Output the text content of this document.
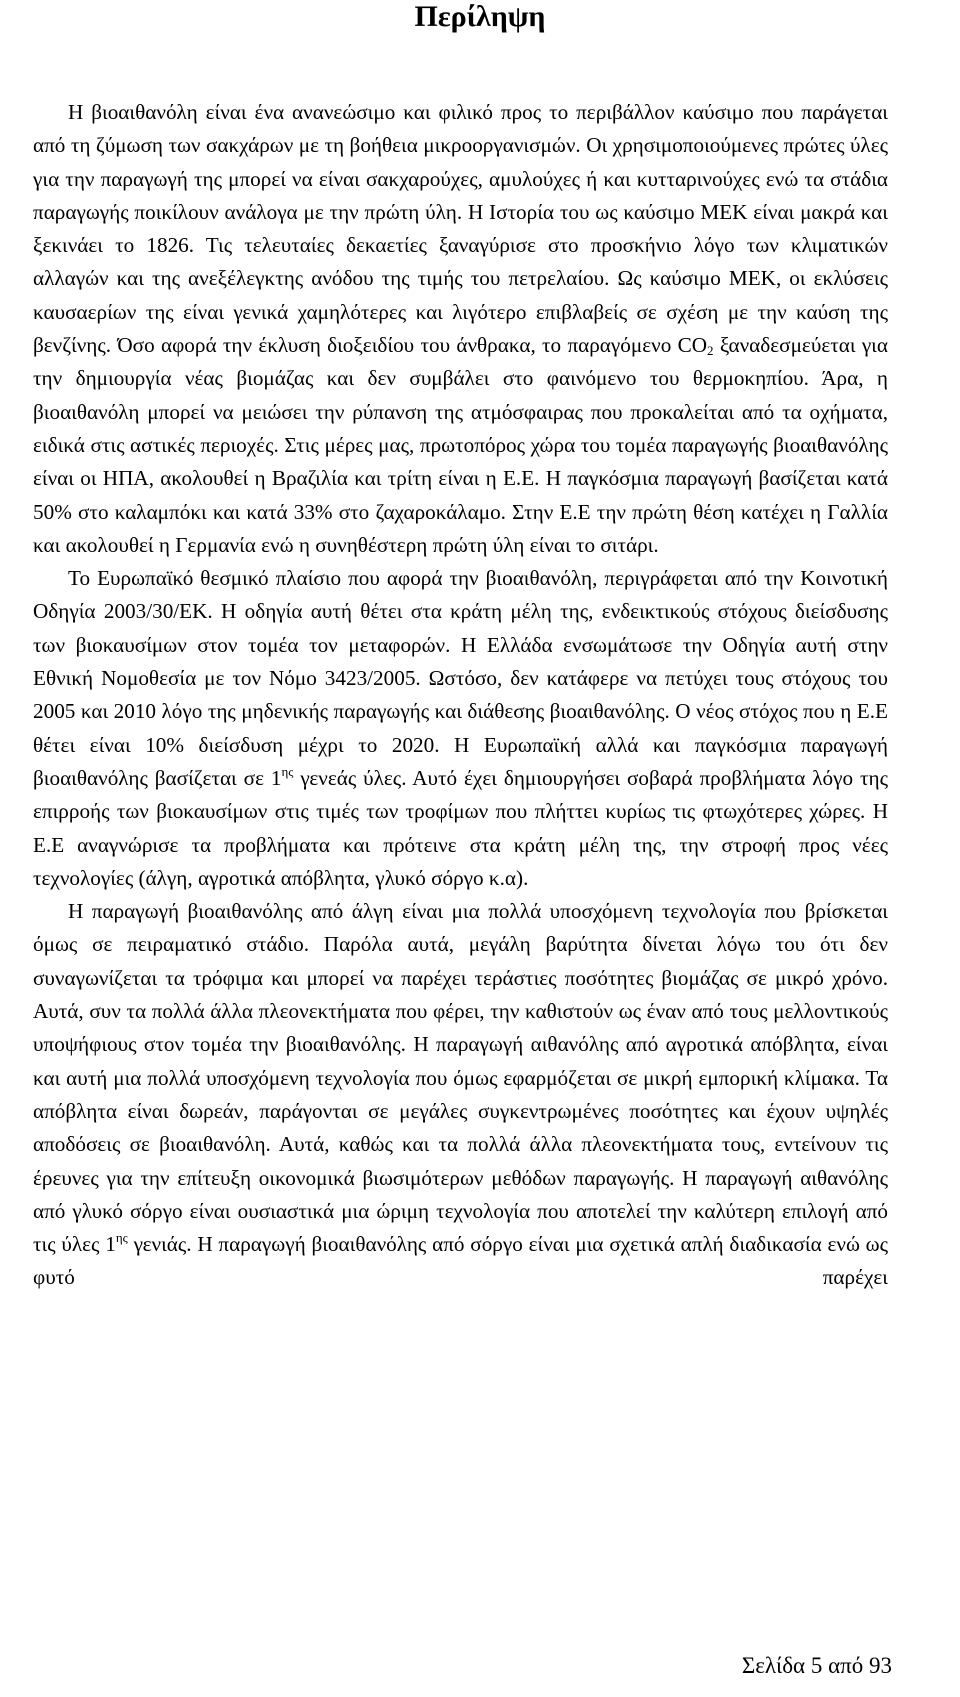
Περίληψη

Η βιοαιθανόλη είναι ένα ανανεώσιμο και φιλικό προς το περιβάλλον καύσιμο που παράγεται από τη ζύμωση των σακχάρων με τη βοήθεια μικροοργανισμών. Οι χρησιμοποιούμενες πρώτες ύλες για την παραγωγή της μπορεί να είναι σακχαρούχες, αμυλούχες ή και κυτταρινούχες ενώ τα στάδια παραγωγής ποικίλουν ανάλογα με την πρώτη ύλη. Η Ιστορία του ως καύσιμο ΜΕΚ είναι μακρά και ξεκινάει το 1826. Τις τελευταίες δεκαετίες ξαναγύρισε στο προσκήνιο λόγο των κλιματικών αλλαγών και της ανεξέλεγκτης ανόδου της τιμής του πετρελαίου. Ως καύσιμο ΜΕΚ, οι εκλύσεις καυσαερίων της είναι γενικά χαμηλότερες και λιγότερο επιβλαβείς σε σχέση με την καύση της βενζίνης. Όσο αφορά την έκλυση διοξειδίου του άνθρακα, το παραγόμενο $CO_2$ ξαναδεσμεύεται για την δημιουργία νέας βιομάζας και δεν συμβάλει στο φαινόμενο του θερμοκηπίου. Άρα, η βιοαιθανόλη μπορεί να μειώσει την ρύπανση της ατμόσφαιρας που προκαλείται από τα οχήματα, ειδικά στις αστικές περιοχές. Στις μέρες μας, πρωτοπόρος χώρα του τομέα παραγωγής βιοαιθανόλης είναι οι ΗΠΑ, ακολουθεί η Βραζιλία και τρίτη είναι η Ε.Ε. Η παγκόσμια παραγωγή βασίζεται κατά 50% στο καλαμπόκι και κατά 33% στο ζαχαροκάλαμο. Στην Ε.Ε την πρώτη θέση κατέχει η Γαλλία και ακολουθεί η Γερμανία ενώ η συνηθέστερη πρώτη ύλη είναι το σιτάρι.

Το Ευρωπαϊκό θεσμικό πλαίσιο που αφορά την βιοαιθανόλη, περιγράφεται από την Κοινοτική Οδηγία 2003/30/ΕΚ. Η οδηγία αυτή θέτει στα κράτη μέλη της, ενδεικτικούς στόχους διείσδυσης των βιοκαυσίμων στον τομέα τον μεταφορών. Η Ελλάδα ενσωμάτωσε την Οδηγία αυτή στην Εθνική Νομοθεσία με τον Νόμο 3423/2005. Ωστόσο, δεν κατάφερε να πετύχει τους στόχους του 2005 και 2010 λόγο της μηδενικής παραγωγής και διάθεσης βιοαιθανόλης. Ο νέος στόχος που η Ε.Ε θέτει είναι 10% διείσδυση μέχρι το 2020. Η Ευρωπαϊκή αλλά και παγκόσμια παραγωγή βιοαιθανόλης βασίζεται σε $1^{\eta\varsigma}$ γενεάς ύλες. Αυτό έχει δημιουργήσει σοβαρά προβλήματα λόγο της επιρροής των βιοκαυσίμων στις τιμές των τροφίμων που πλήττει κυρίως τις φτωχότερες χώρες. Η Ε.Ε αναγνώρισε τα προβλήματα και πρότεινε στα κράτη μέλη της, την στροφή προς νέες τεχνολογίες (άλγη, αγροτικά απόβλητα, γλυκό σόργο κ.α).

Η παραγωγή βιοαιθανόλης από άλγη είναι μια πολλά υποσχόμενη τεχνολογία που βρίσκεται όμως σε πειραματικό στάδιο. Παρόλα αυτά, μεγάλη βαρύτητα δίνεται λόγω του ότι δεν συναγωνίζεται τα τρόφιμα και μπορεί να παρέχει τεράστιες ποσότητες βιομάζας σε μικρό χρόνο. Αυτά, συν τα πολλά άλλα πλεονεκτήματα που φέρει, την καθιστούν ως έναν από τους μελλοντικούς υποψήφιους στον τομέα την βιοαιθανόλης. Η παραγωγή αιθανόλης από αγροτικά απόβλητα, είναι και αυτή μια πολλά υποσχόμενη τεχνολογία που όμως εφαρμόζεται σε μικρή εμπορική κλίμακα. Τα απόβλητα είναι δωρεάν, παράγονται σε μεγάλες συγκεντρωμένες ποσότητες και έχουν υψηλές αποδόσεις σε βιοαιθανόλη. Αυτά, καθώς και τα πολλά άλλα πλεονεκτήματα τους, εντείνουν τις έρευνες για την επίτευξη οικονομικά βιωσιμότερων μεθόδων παραγωγής. Η παραγωγή αιθανόλης από γλυκό σόργο είναι ουσιαστικά μια ώριμη τεχνολογία που αποτελεί την καλύτερη επιλογή από τις ύλες $1^{\eta\varsigma}$ γενιάς. Η παραγωγή βιοαιθανόλης από σόργο είναι μια σχετικά απλή διαδικασία ενώ ως φυτό παρέχει

Σελίδα 5 από 93
